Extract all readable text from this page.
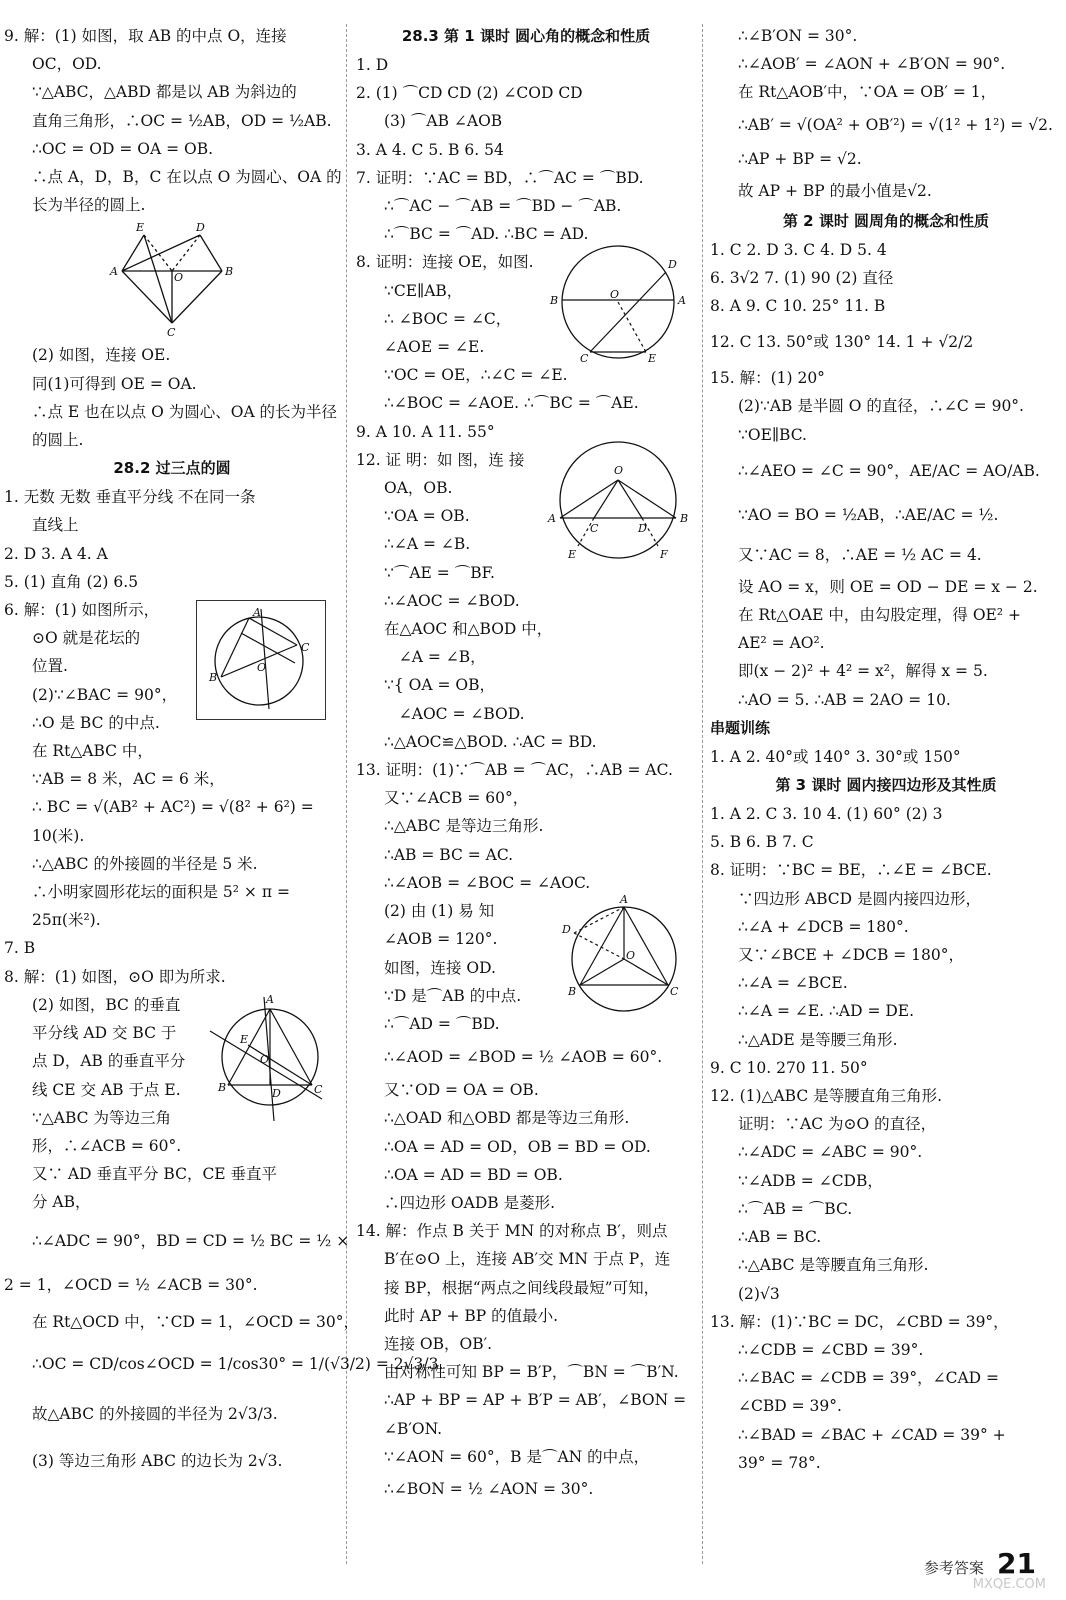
9. 解：(1) 如图，取 AB 的中点 O，连接
OC，OD.
∵△ABC，△ABD 都是以 AB 为斜边的
直角三角形，∴OC = ½AB，OD = ½AB.
∴OC = OD = OA = OB.
∴点 A，D，B，C 在以点 O 为圆心、OA 的
长为半径的圆上.
E	D
A	O	B
C
(2) 如图，连接 OE.
同(1)可得到 OE = OA.
∴点 E 也在以点 O 为圆心、OA 的长为半径
的圆上.
28.2 过三点的圆
1. 无数 无数 垂直平分线 不在同一条
直线上
2. D 3. A 4. A
5. (1) 直角 (2) 6.5
6. 解：(1) 如图所示，
⊙O 就是花坛的
位置.
(2)∵∠BAC = 90°，
∴O 是 BC 的中点.
A
B
O
C
在 Rt△ABC 中，
∵AB = 8 米，AC = 6 米，
∴ BC = √(AB² + AC²) = √(8² + 6²) =
10(米).
∴△ABC 的外接圆的半径是 5 米.
∴小明家圆形花坛的面积是 5² × π =
25π(米²).
7. B
8. 解：(1) 如图，⊙O 即为所求.
(2) 如图，BC 的垂直
平分线 AD 交 BC 于
点 D，AB 的垂直平分
线 CE 交 AB 于点 E.
∵△ABC 为等边三角
形，∴∠ACB = 60°.
A
E
O
B	D	C
又∵ AD 垂直平分 BC，CE 垂直平
分 AB，
∴∠ADC = 90°，BD = CD = ½ BC = ½ ×
2 = 1，∠OCD = ½ ∠ACB = 30°.
在 Rt△OCD 中，∵CD = 1，∠OCD = 30°，
∴OC = CD/cos∠OCD = 1/cos30° = 1/(√3/2) = 2√3/3.
故△ABC 的外接圆的半径为 2√3/3.
(3) 等边三角形 ABC 的边长为 2√3.
28.3 第 1 课时 圆心角的概念和性质
1. D
2. (1) ⌒CD CD (2) ∠COD CD
(3) ⌒AB ∠AOB
3. A 4. C 5. B 6. 54
7. 证明：∵AC = BD，∴⌒AC = ⌒BD.
∴⌒AC − ⌒AB = ⌒BD − ⌒AB.
∴⌒BC = ⌒AD. ∴BC = AD.
8. 证明：连接 OE，如图.
∵CE∥AB，
∴ ∠BOC = ∠C，
∠AOE = ∠E.
D
B	O	A
C	E
∵OC = OE，∴∠C = ∠E.
∴∠BOC = ∠AOE. ∴⌒BC = ⌒AE.
9. A 10. A 11. 55°
12. 证 明：如 图，连 接
OA，OB.
∵OA = OB.
∴∠A = ∠B.
∵⌒AE = ⌒BF.
O
A
C	D
B
E	F
∴∠AOC = ∠BOD.
在△AOC 和△BOD 中，
∠A = ∠B，
∵{ OA = OB，
∠AOC = ∠BOD.
∴△AOC≌△BOD. ∴AC = BD.
13. 证明：(1)∵⌒AB = ⌒AC，∴AB = AC.
又∵∠ACB = 60°，
∴△ABC 是等边三角形.
∴AB = BC = AC.
∴∠AOB = ∠BOC = ∠AOC.
(2) 由 (1) 易 知
∠AOB = 120°.
如图，连接 OD.
∵D 是⌒AB 的中点.
∴⌒AD = ⌒BD.
A
D
O
B	C
∴∠AOD = ∠BOD = ½ ∠AOB = 60°.
又∵OD = OA = OB.
∴△OAD 和△OBD 都是等边三角形.
∴OA = AD = OD，OB = BD = OD.
∴OA = AD = BD = OB.
∴四边形 OADB 是菱形.
14. 解：作点 B 关于 MN 的对称点 B′，则点
B′在⊙O 上，连接 AB′交 MN 于点 P，连
接 BP，根据“两点之间线段最短”可知，
此时 AP + BP 的值最小.
连接 OB，OB′.
由对称性可知 BP = B′P，⌒BN = ⌒B′N.
∴AP + BP = AP + B′P = AB′，∠BON =
∠B′ON.
∵∠AON = 60°，B 是⌒AN 的中点，
∴∠BON = ½ ∠AON = 30°.
∴∠B′ON = 30°.
∴∠AOB′ = ∠AON + ∠B′ON = 90°.
在 Rt△AOB′中，∵OA = OB′ = 1，
∴AB′ = √(OA² + OB′²) = √(1² + 1²) = √2.
∴AP + BP = √2.
故 AP + BP 的最小值是√2.
第 2 课时 圆周角的概念和性质
1. C 2. D 3. C 4. D 5. 4
6. 3√2 7. (1) 90 (2) 直径
8. A 9. C 10. 25° 11. B
12. C 13. 50°或 130° 14. 1 + √2/2
15. 解：(1) 20°
(2)∵AB 是半圆 O 的直径，∴∠C = 90°.
∵OE∥BC.
∴∠AEO = ∠C = 90°，AE/AC = AO/AB.
∵AO = BO = ½AB，∴AE/AC = ½.
又∵AC = 8，∴AE = ½ AC = 4.
设 AO = x，则 OE = OD − DE = x − 2.
在 Rt△OAE 中，由勾股定理，得 OE² +
AE² = AO².
即(x − 2)² + 4² = x²，解得 x = 5.
∴AO = 5. ∴AB = 2AO = 10.
串题训练
1. A 2. 40°或 140° 3. 30°或 150°
第 3 课时 圆内接四边形及其性质
1. A 2. C 3. 10 4. (1) 60° (2) 3
5. B 6. B 7. C
8. 证明：∵BC = BE，∴∠E = ∠BCE.
∵四边形 ABCD 是圆内接四边形，
∴∠A + ∠DCB = 180°.
又∵∠BCE + ∠DCB = 180°，
∴∠A = ∠BCE.
∴∠A = ∠E. ∴AD = DE.
∴△ADE 是等腰三角形.
9. C 10. 270 11. 50°
12. (1)△ABC 是等腰直角三角形.
证明：∵AC 为⊙O 的直径，
∴∠ADC = ∠ABC = 90°.
∵∠ADB = ∠CDB，
∴⌒AB = ⌒BC.
∴AB = BC.
∴△ABC 是等腰直角三角形.
(2)√3
13. 解：(1)∵BC = DC，∠CBD = 39°，
∴∠CDB = ∠CBD = 39°.
∴∠BAC = ∠CDB = 39°，∠CAD =
∠CBD = 39°.
∴∠BAD = ∠BAC + ∠CAD = 39° +
39° = 78°.
参考答案 21
MXQE.COM
